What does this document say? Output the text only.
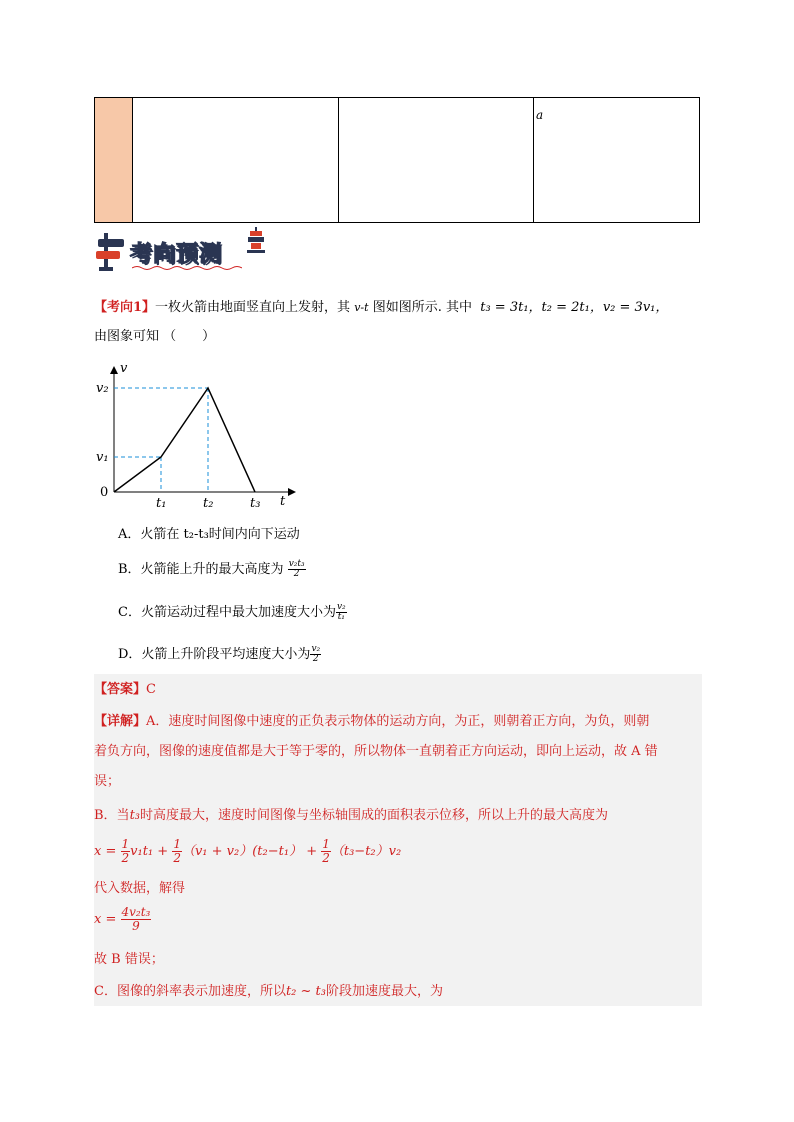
a
考向预测
【考向1】一枚火箭由地面竖直向上发射，其 v-t 图如图所示. 其中 t₃ = 3t₁，t₂ = 2t₁，v₂ = 3v₁，
由图象可知 （　　）
v
t
0
v₂
v₁
t₁	t₂	t₃
A．火箭在 t₂-t₃时间内向下运动
B．火箭能上升的最大高度为 $\frac{\text{v₂t₃}}{2}$
C．火箭运动过程中最大加速度大小为 $\frac{\text{v₂}}{\text{t₁}}$
D．火箭上升阶段平均速度大小为 $\frac{\text{v₂}}{2}$
【答案】C
【详解】A．速度时间图像中速度的正负表示物体的运动方向，为正，则朝着正方向，为负，则朝
着负方向，图像的速度值都是大于等于零的，所以物体一直朝着正方向运动，即向上运动，故 A 错
误；
B．当t₃时高度最大，速度时间图像与坐标轴围成的面积表示位移，所以上升的最大高度为
$x = \frac{1}{2} v_1t_1 + \frac{1}{2} (v_1 + v_2)(t_2-t_1) + \frac{1}{2} (t_3-t_2)v_2$
代入数据，解得
$x = \frac{\text{4v₂t₃}}{9}$
故 B 错误；
C．图像的斜率表示加速度，所以t₂ ~ t₃阶段加速度最大，为
